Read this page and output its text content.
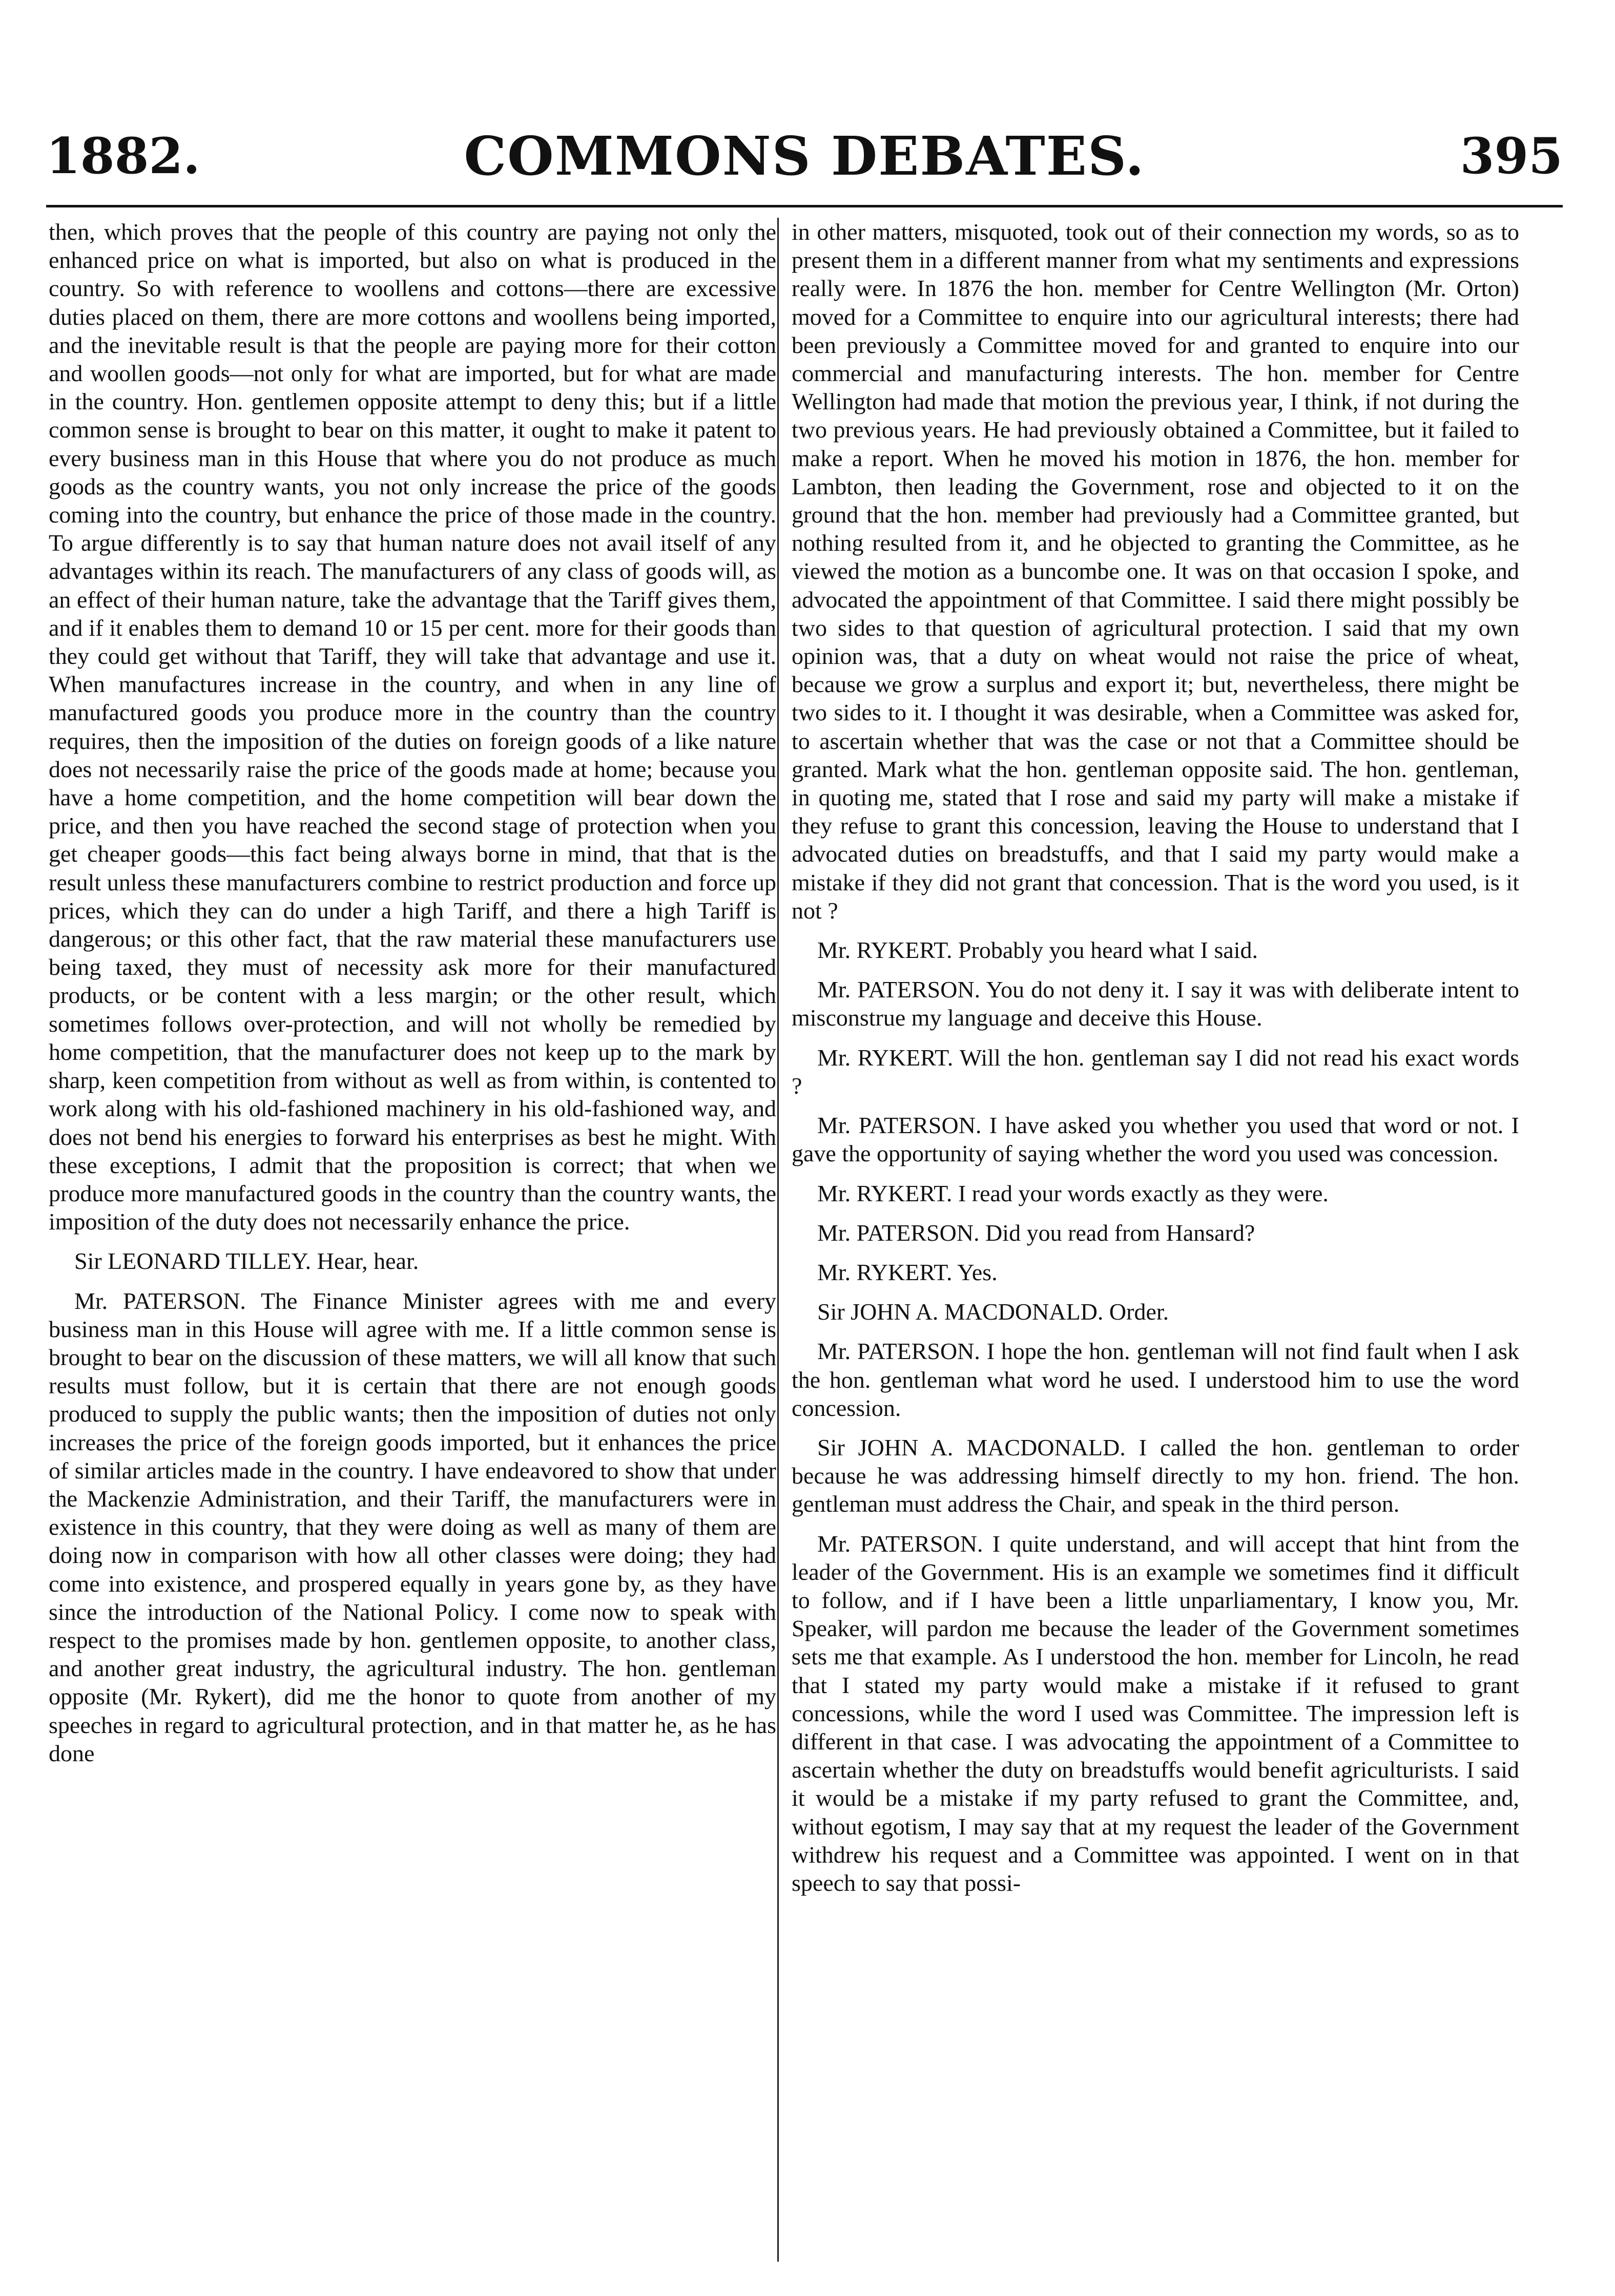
COMMONS DEBATES.
1882.	395

then, which proves that the people of this country are paying not only the enhanced price on what is imported, but also on what is produced in the country. So with reference to woollens and cottons—there are excessive duties placed on them, there are more cottons and woollens being imported, and the inevitable result is that the people are paying more for their cotton and woollen goods—not only for what are imported, but for what are made in the country. Hon. gentlemen opposite attempt to deny this; but if a little common sense is brought to bear on this matter, it ought to make it patent to every business man in this House that where you do not produce as much goods as the country wants, you not only increase the price of the goods coming into the country, but enhance the price of those made in the country. To argue differently is to say that human nature does not avail itself of any advantages within its reach. The manufacturers of any class of goods will, as an effect of their human nature, take the advantage that the Tariff gives them, and if it enables them to demand 10 or 15 per cent. more for their goods than they could get without that Tariff, they will take that advantage and use it. When manufactures increase in the country, and when in any line of manufactured goods you produce more in the country than the country requires, then the imposition of the duties on foreign goods of a like nature does not necessarily raise the price of the goods made at home; because you have a home competition, and the home competition will bear down the price, and then you have reached the second stage of protection when you get cheaper goods—this fact being always borne in mind, that that is the result unless these manufacturers combine to restrict production and force up prices, which they can do under a high Tariff, and there a high Tariff is dangerous; or this other fact, that the raw material these manufacturers use being taxed, they must of necessity ask more for their manufactured products, or be content with a less margin; or the other result, which sometimes follows over-protection, and will not wholly be remedied by home competition, that the manufacturer does not keep up to the mark by sharp, keen competition from without as well as from within, is contented to work along with his old-fashioned machinery in his old-fashioned way, and does not bend his energies to forward his enterprises as best he might. With these exceptions, I admit that the proposition is correct; that when we produce more manufactured goods in the country than the country wants, the imposition of the duty does not necessarily enhance the price.

Sir LEONARD TILLEY. Hear, hear.

Mr. PATERSON. The Finance Minister agrees with me and every business man in this House will agree with me. If a little common sense is brought to bear on the discussion of these matters, we will all know that such results must follow, but it is certain that there are not enough goods produced to supply the public wants; then the imposition of duties not only increases the price of the foreign goods imported, but it enhances the price of similar articles made in the country. I have endeavored to show that under the Mackenzie Administration, and their Tariff, the manufacturers were in existence in this country, that they were doing as well as many of them are doing now in comparison with how all other classes were doing; they had come into existence, and prospered equally in years gone by, as they have since the introduction of the National Policy. I come now to speak with respect to the promises made by hon. gentlemen opposite, to another class, and another great industry, the agricultural industry. The hon. gentleman opposite (Mr. Rykert), did me the honor to quote from another of my speeches in regard to agricultural protection, and in that matter he, as he has done

in other matters, misquoted, took out of their connection my words, so as to present them in a different manner from what my sentiments and expressions really were. In 1876 the hon. member for Centre Wellington (Mr. Orton) moved for a Committee to enquire into our agricultural interests; there had been previously a Committee moved for and granted to enquire into our commercial and manufacturing interests. The hon. member for Centre Wellington had made that motion the previous year, I think, if not during the two previous years. He had previously obtained a Committee, but it failed to make a report. When he moved his motion in 1876, the hon. member for Lambton, then leading the Government, rose and objected to it on the ground that the hon. member had previously had a Committee granted, but nothing resulted from it, and he objected to granting the Committee, as he viewed the motion as a buncombe one. It was on that occasion I spoke, and advocated the appointment of that Committee. I said there might possibly be two sides to that question of agricultural protection. I said that my own opinion was, that a duty on wheat would not raise the price of wheat, because we grow a surplus and export it; but, nevertheless, there might be two sides to it. I thought it was desirable, when a Committee was asked for, to ascertain whether that was the case or not that a Committee should be granted. Mark what the hon. gentleman opposite said. The hon. gentleman, in quoting me, stated that I rose and said my party will make a mistake if they refuse to grant this concession, leaving the House to understand that I advocated duties on breadstuffs, and that I said my party would make a mistake if they did not grant that concession. That is the word you used, is it not ?

Mr. RYKERT. Probably you heard what I said.

Mr. PATERSON. You do not deny it. I say it was with deliberate intent to misconstrue my language and deceive this House.

Mr. RYKERT. Will the hon. gentleman say I did not read his exact words ?

Mr. PATERSON. I have asked you whether you used that word or not. I gave the opportunity of saying whether the word you used was concession.

Mr. RYKERT. I read your words exactly as they were.

Mr. PATERSON. Did you read from Hansard?

Mr. RYKERT. Yes.

Sir JOHN A. MACDONALD. Order.

Mr. PATERSON. I hope the hon. gentleman will not find fault when I ask the hon. gentleman what word he used. I understood him to use the word concession.

Sir JOHN A. MACDONALD. I called the hon. gentleman to order because he was addressing himself directly to my hon. friend. The hon. gentleman must address the Chair, and speak in the third person.

Mr. PATERSON. I quite understand, and will accept that hint from the leader of the Government. His is an example we sometimes find it difficult to follow, and if I have been a little unparliamentary, I know you, Mr. Speaker, will pardon me because the leader of the Government sometimes sets me that example. As I understood the hon. member for Lincoln, he read that I stated my party would make a mistake if it refused to grant concessions, while the word I used was Committee. The impression left is different in that case. I was advocating the appointment of a Committee to ascertain whether the duty on breadstuffs would benefit agriculturists. I said it would be a mistake if my party refused to grant the Committee, and, without egotism, I may say that at my request the leader of the Government withdrew his request and a Committee was appointed. I went on in that speech to say that possi-
